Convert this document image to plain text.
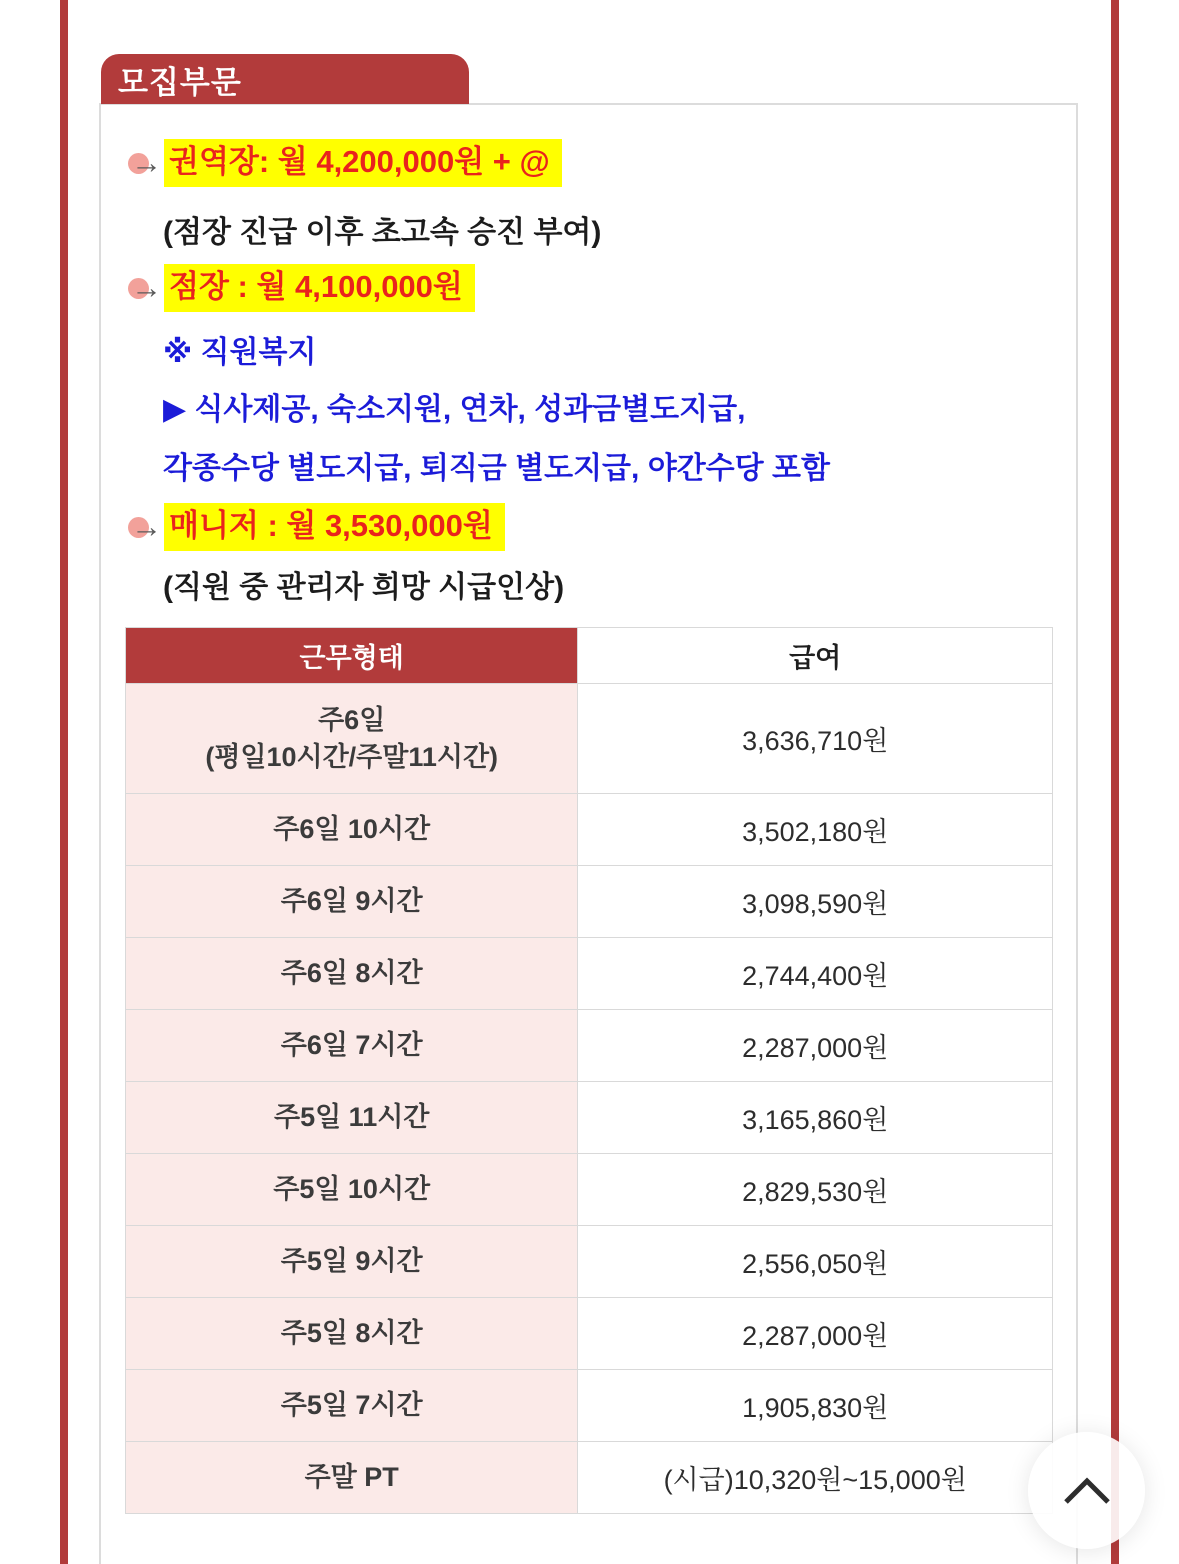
모집부문
→ 권역장: 월 4,200,000원 + @
(점장 진급 이후 초고속 승진 부여)
→ 점장 : 월 4,100,000원
※ 직원복지
▶ 식사제공, 숙소지원, 연차, 성과금별도지급,
각종수당 별도지급, 퇴직금 별도지급, 야간수당 포함
→ 매니저 : 월 3,530,000원
(직원 중 관리자 희망 시급인상)
근무형태	급여

주6일
(평일10시간/주말11시간)	3,636,710원

주6일 10시간	3,502,180원

주6일 9시간	3,098,590원

주6일 8시간	2,744,400원

주6일 7시간	2,287,000원

주5일 11시간	3,165,860원

주5일 10시간	2,829,530원

주5일 9시간	2,556,050원

주5일 8시간	2,287,000원

주5일 7시간	1,905,830원

주말 PT	(시급)10,320원~15,000원
